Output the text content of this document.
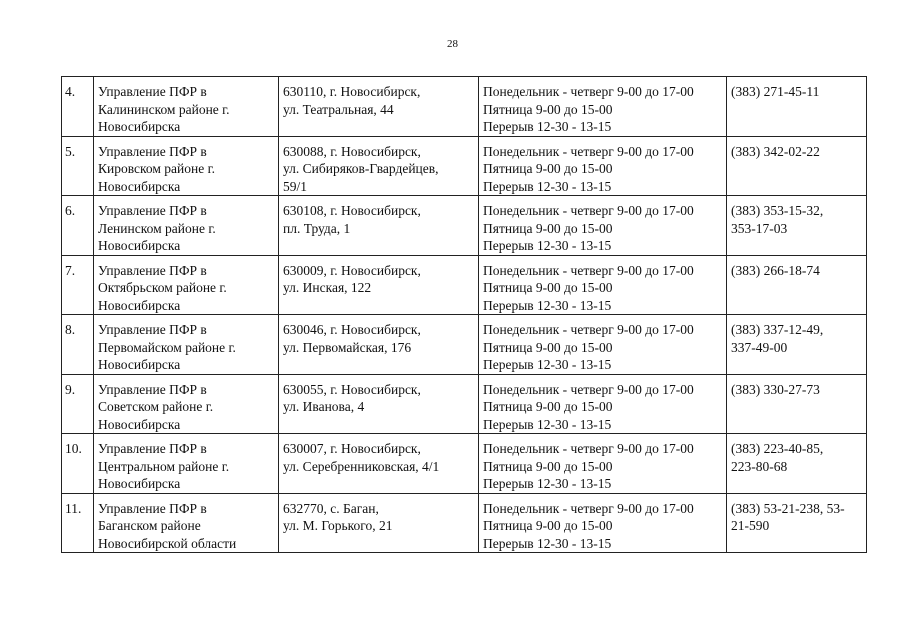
28
4.	Управление ПФР в
Калининском районе г.
Новосибирска	630110, г. Новосибирск,
ул. Театральная, 44	Понедельник - четверг 9-00 до 17-00
Пятница 9-00 до 15-00
Перерыв 12-30 - 13-15	(383) 271-45-11

5.	Управление ПФР в
Кировском районе г.
Новосибирска	630088, г. Новосибирск,
ул. Сибиряков-Гвардейцев,
59/1	Понедельник - четверг 9-00 до 17-00
Пятница 9-00 до 15-00
Перерыв 12-30 - 13-15	(383) 342-02-22

6.	Управление ПФР в
Ленинском районе г.
Новосибирска	630108, г. Новосибирск,
пл. Труда, 1	Понедельник - четверг 9-00 до 17-00
Пятница 9-00 до 15-00
Перерыв 12-30 - 13-15	(383) 353-15-32,
353-17-03

7.	Управление ПФР в
Октябрьском районе г.
Новосибирска	630009, г. Новосибирск,
ул. Инская, 122	Понедельник - четверг 9-00 до 17-00
Пятница 9-00 до 15-00
Перерыв 12-30 - 13-15	(383) 266-18-74

8.	Управление ПФР в
Первомайском районе г.
Новосибирска	630046, г. Новосибирск,
ул. Первомайская, 176	Понедельник - четверг 9-00 до 17-00
Пятница 9-00 до 15-00
Перерыв 12-30 - 13-15	(383) 337-12-49,
337-49-00

9.	Управление ПФР в
Советском районе г.
Новосибирска	630055, г. Новосибирск,
ул. Иванова, 4	Понедельник - четверг 9-00 до 17-00
Пятница 9-00 до 15-00
Перерыв 12-30 - 13-15	(383) 330-27-73

10.	Управление ПФР в
Центральном районе г.
Новосибирска	630007, г. Новосибирск,
ул. Серебренниковская, 4/1	Понедельник - четверг 9-00 до 17-00
Пятница 9-00 до 15-00
Перерыв 12-30 - 13-15	(383) 223-40-85,
223-80-68

11.	Управление ПФР в
Баганском районе
Новосибирской области	632770, с. Баган,
ул. М. Горького, 21	Понедельник - четверг 9-00 до 17-00
Пятница 9-00 до 15-00
Перерыв 12-30 - 13-15	(383) 53-21-238, 53-
21-590
